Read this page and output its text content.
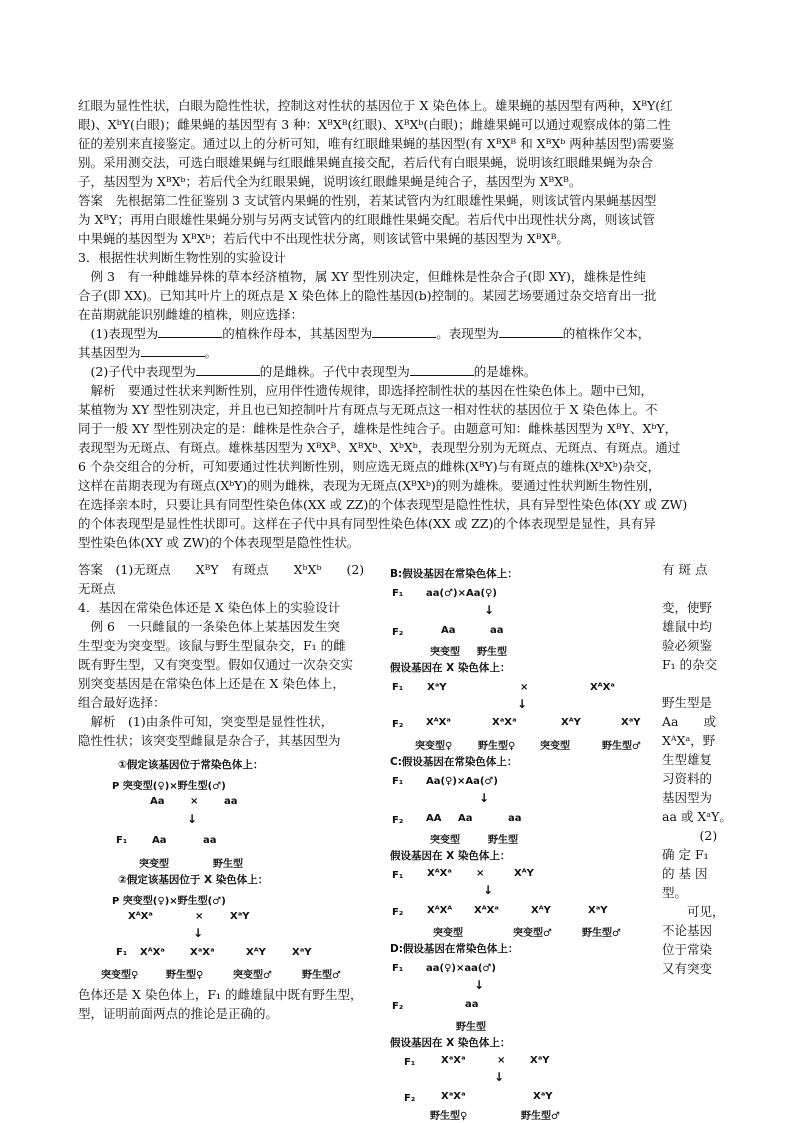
红眼为显性性状，白眼为隐性性状，控制这对性状的基因位于 X 染色体上。雄果蝇的基因型有两种，XᴮY(红
眼)、XᵇY(白眼)；雌果蝇的基因型有 3 种：XᴮXᴮ(红眼)、XᴮXᵇ(白眼)；雌雄果蝇可以通过观察成体的第二性
征的差别来直接鉴定。通过以上的分析可知，唯有红眼雌果蝇的基因型(有 XᴮXᴮ 和 XᴮXᵇ 两种基因型)需要鉴
别。采用测交法，可选白眼雄果蝇与红眼雌果蝇直接交配，若后代有白眼果蝇，说明该红眼雌果蝇为杂合
子，基因型为 XᴮXᵇ；若后代全为红眼果蝇，说明该红眼雌果蝇是纯合子，基因型为 XᴮXᴮ。
答案　先根据第二性征鉴别 3 支试管内果蝇的性别，若某试管内为红眼雄性果蝇，则该试管内果蝇基因型
为 XᴮY；再用白眼雄性果蝇分别与另两支试管内的红眼雌性果蝇交配。若后代中出现性状分离，则该试管
中果蝇的基因型为 XᴮXᵇ；若后代中不出现性状分离，则该试管中果蝇的基因型为 XᴮXᴮ。
3．根据性状判断生物性别的实验设计
　例 3　有一种雌雄异株的草本经济植物，属 XY 型性别决定，但雌株是性杂合子(即 XY)，雄株是性纯
合子(即 XX)。已知其叶片上的斑点是 X 染色体上的隐性基因(b)控制的。某园艺场要通过杂交培育出一批
在苗期就能识别雌雄的植株，则应选择：
　(1)表现型为	的植株作母本，其基因型为	。表现型为	的植株作父本，
其基因型为	。
　(2)子代中表现型为	的是雌株。子代中表现型为	的是雄株。
　解析　要通过性状来判断性别，应用伴性遗传规律，即选择控制性状的基因在性染色体上。题中已知，
某植物为 XY 型性别决定，并且也已知控制叶片有斑点与无斑点这一相对性状的基因位于 X 染色体上。不
同于一般 XY 型性别决定的是：雌株是性杂合子，雄株是性纯合子。由题意可知：雌株基因型为 XᴮY、XᵇY，
表现型为无斑点、有斑点。雄株基因型为 XᴮXᴮ、XᴮXᵇ、XᵇXᵇ，表现型分别为无斑点、无斑点、有斑点。通过
6 个杂交组合的分析，可知要通过性状判断性别，则应选无斑点的雌株(XᴮY)与有斑点的雄株(XᵇXᵇ)杂交，
这样在苗期表现为有斑点(XᵇY)的则为雌株，表现为无斑点(XᴮXᵇ)的则为雄株。要通过性状判断生物性别，
在选择亲本时，只要让具有同型性染色体(XX 或 ZZ)的个体表现型是隐性性状，具有异型性染色体(XY 或 ZW)
的个体表现型是显性性状即可。这样在子代中具有同型性染色体(XX 或 ZZ)的个体表现型是显性，具有异
型性染色体(XY 或 ZW)的个体表现型是隐性性状。
答案　(1)无斑点　　XᴮY　有斑点　　XᵇXᵇ　　(2)
无斑点
4．基因在常染色体还是 X 染色体上的实验设计
　例 6　一只雌鼠的一条染色体上某基因发生突
生型变为突变型。该鼠与野生型鼠杂交，F₁ 的雌
既有野生型，又有突变型。假如仅通过一次杂交实
别突变基因是在常染色体上还是在 X 染色体上，
组合最好选择：
　解析　(1)由条件可知，突变型是显性性状，
隐性性状；该突变型雌鼠是杂合子，其基因型为
①假定该基因位于常染色体上：
P 突变型(♀)×野生型(♂)
Aa	×	aa
↓
F₁ Aa	aa
突变型	野生型
②假定该基因位于 X 染色体上：
P 突变型(♀)×野生型(♂)
XᴬXᵃ	×	XᵃY
↓
F₁ XᴬXᵃ	XᵃXᵃ	XᴬY	XᵃY
突变型♀	野生型♀	突变型♂	野生型♂
色体还是 X 染色体上，F₁ 的雌雄鼠中既有野生型，
型，证明前面两点的推论是正确的。
B:假设基因在常染色体上：
F₁ aa(♂)×Aa(♀)
↓
F₂	Aa	aa
突变型 野生型
假设基因在 X 染色体上：
F₁ XᵃY	×	XᴬXᵃ
↓
F₂ XᴬXᵃ	XᵃXᵃ	XᴬY	XᵃY
突变型♀	野生型♀ 突变型	野生型♂
C:假设基因在常染色体上：
F₁ Aa(♀)×Aa(♂)
↓
F₂ AA Aa	aa
突变型	野生型
假设基因在 X 染色体上：
F₁ XᴬXᵃ ×	XᴬY
↓
F₂ XᴬXᴬ XᴬXᵃ	XᴬY	XᵃY
突变型	突变型♂	野生型♂
D:假设基因在常染色体上：
F₁ aa(♀)×aa(♂)
↓
F₂	aa
野生型
假设基因在 X 染色体上：
F₁	XᵃXᵃ	× XᵃY
↓
F₂	XᵃXᵃ	XᵃY
野生型♀	野生型♂
有 斑 点
变，使野
雄鼠中均
验必须鉴
F₁ 的杂交
野生型是
Aa　　或
XᴬXᵃ，野
生型雄复
习资料的
基因型为
aa 或 XᵃY。
　　　(2)
确 定 F₁
的 基 因
型。
　　可见，
不论基因
位于常染
又有突变
